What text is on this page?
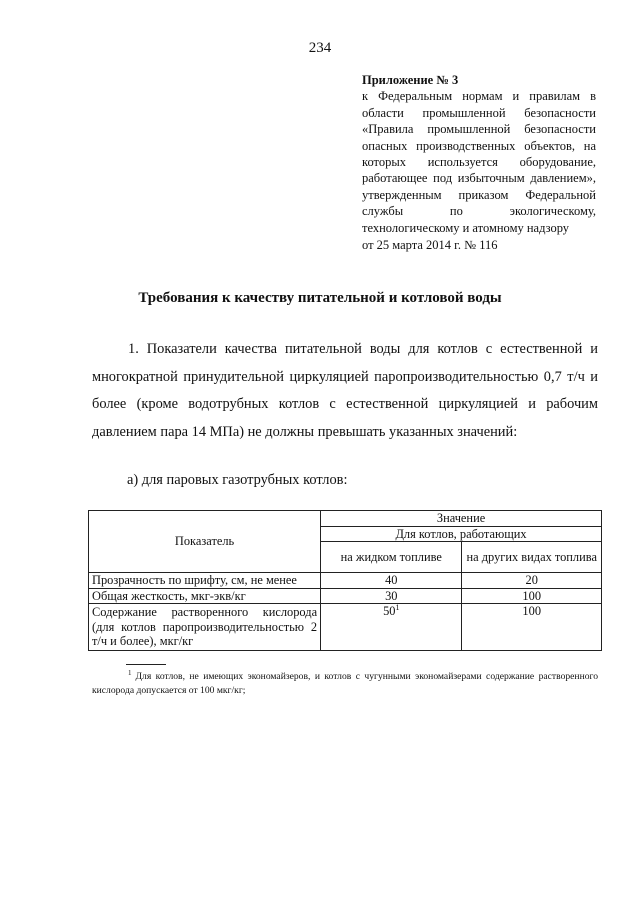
234
Приложение № 3
к Федеральным нормам и правилам в области промышленной безопасности «Правила промышленной безопасности опасных производственных объектов, на которых используется оборудование, работающее под избыточным давлением», утвержденным приказом Федеральной службы по экологическому, технологическому и атомному надзору
от 25 марта 2014 г. № 116
Требования к качеству питательной и котловой воды
1. Показатели качества питательной воды для котлов с естественной и многократной принудительной циркуляцией паропроизводительностью 0,7 т/ч и более (кроме водотрубных котлов с естественной циркуляцией и рабочим давлением пара 14 МПа) не должны превышать указанных значений:
а) для паровых газотрубных котлов:
Показатель	Значение	
	Для котлов, работающих	
	на жидком топливе	на других видах топлива
Прозрачность по шрифту, см, не менее	40	20
Общая жесткость, мкг-экв/кг	30	100
Содержание растворенного кислорода (для котлов паропроизводительностью 2 т/ч и более), мкг/кг	$50^1$	100
$^1$ Для котлов, не имеющих экономайзеров, и котлов с чугунными экономайзерами содержание растворенного кислорода допускается от 100 мкг/кг;
